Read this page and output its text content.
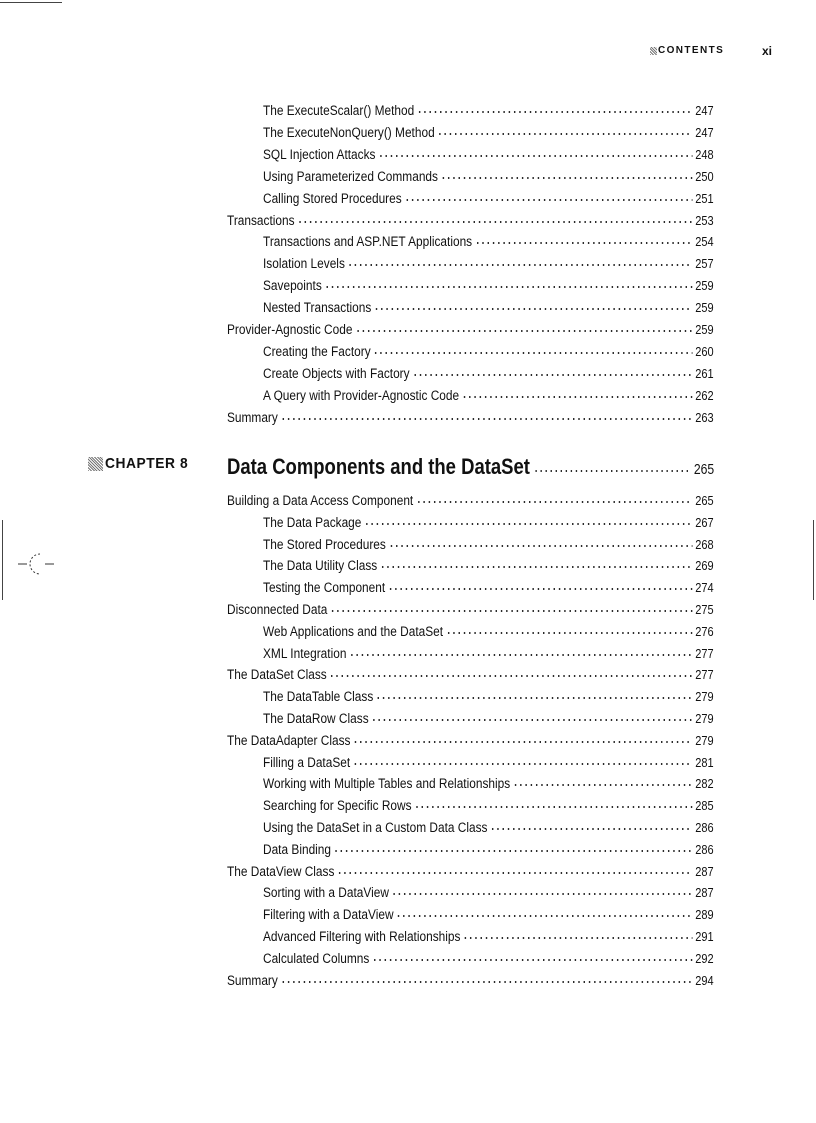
CONTENTS	xi
The ExecuteScalar() Method	247
The ExecuteNonQuery() Method	247
SQL Injection Attacks	248
Using Parameterized Commands	250
Calling Stored Procedures	251
Transactions	253
Transactions and ASP.NET Applications	254
Isolation Levels	257
Savepoints	259
Nested Transactions	259
Provider-Agnostic Code	259
Creating the Factory	260
Create Objects with Factory	261
A Query with Provider-Agnostic Code	262
Summary	263
CHAPTER 8 Data Components and the DataSet	265
Building a Data Access Component	265
The Data Package	267
The Stored Procedures	268
The Data Utility Class	269
Testing the Component	274
Disconnected Data	275
Web Applications and the DataSet	276
XML Integration	277
The DataSet Class	277
The DataTable Class	279
The DataRow Class	279
The DataAdapter Class	279
Filling a DataSet	281
Working with Multiple Tables and Relationships	282
Searching for Specific Rows	285
Using the DataSet in a Custom Data Class	286
Data Binding	286
The DataView Class	287
Sorting with a DataView	287
Filtering with a DataView	289
Advanced Filtering with Relationships	291
Calculated Columns	292
Summary	294
